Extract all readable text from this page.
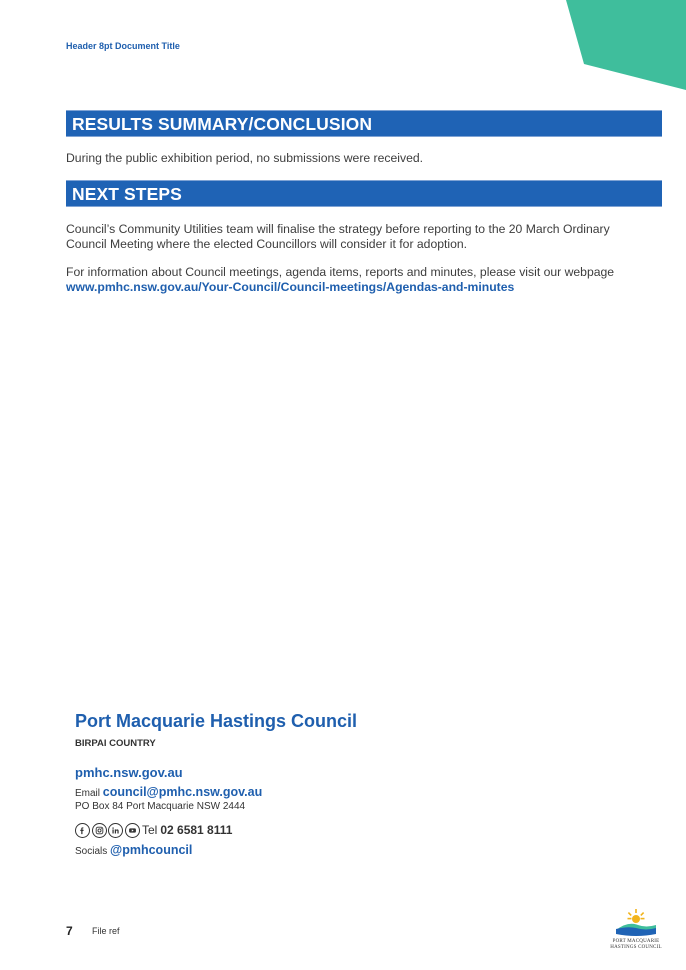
Header 8pt Document Title
RESULTS SUMMARY/CONCLUSION

During the public exhibition period, no submissions were received.

NEXT STEPS

Council’s Community Utilities team will finalise the strategy before reporting to the 20 March Ordinary Council Meeting where the elected Councillors will consider it for adoption.

For information about Council meetings, agenda items, reports and minutes, please visit our webpage www.pmhc.nsw.gov.au/Your-Council/Council-meetings/Agendas-and-minutes

Port Macquarie Hastings Council
BIRPAI COUNTRY
pmhc.nsw.gov.au
Email council@pmhc.nsw.gov.au
PO Box 84 Port Macquarie NSW 2444
Tel 02 6581 8111
Socials @pmhcouncil
7 File ref
PORT MACQUARIE
HASTINGS COUNCIL
